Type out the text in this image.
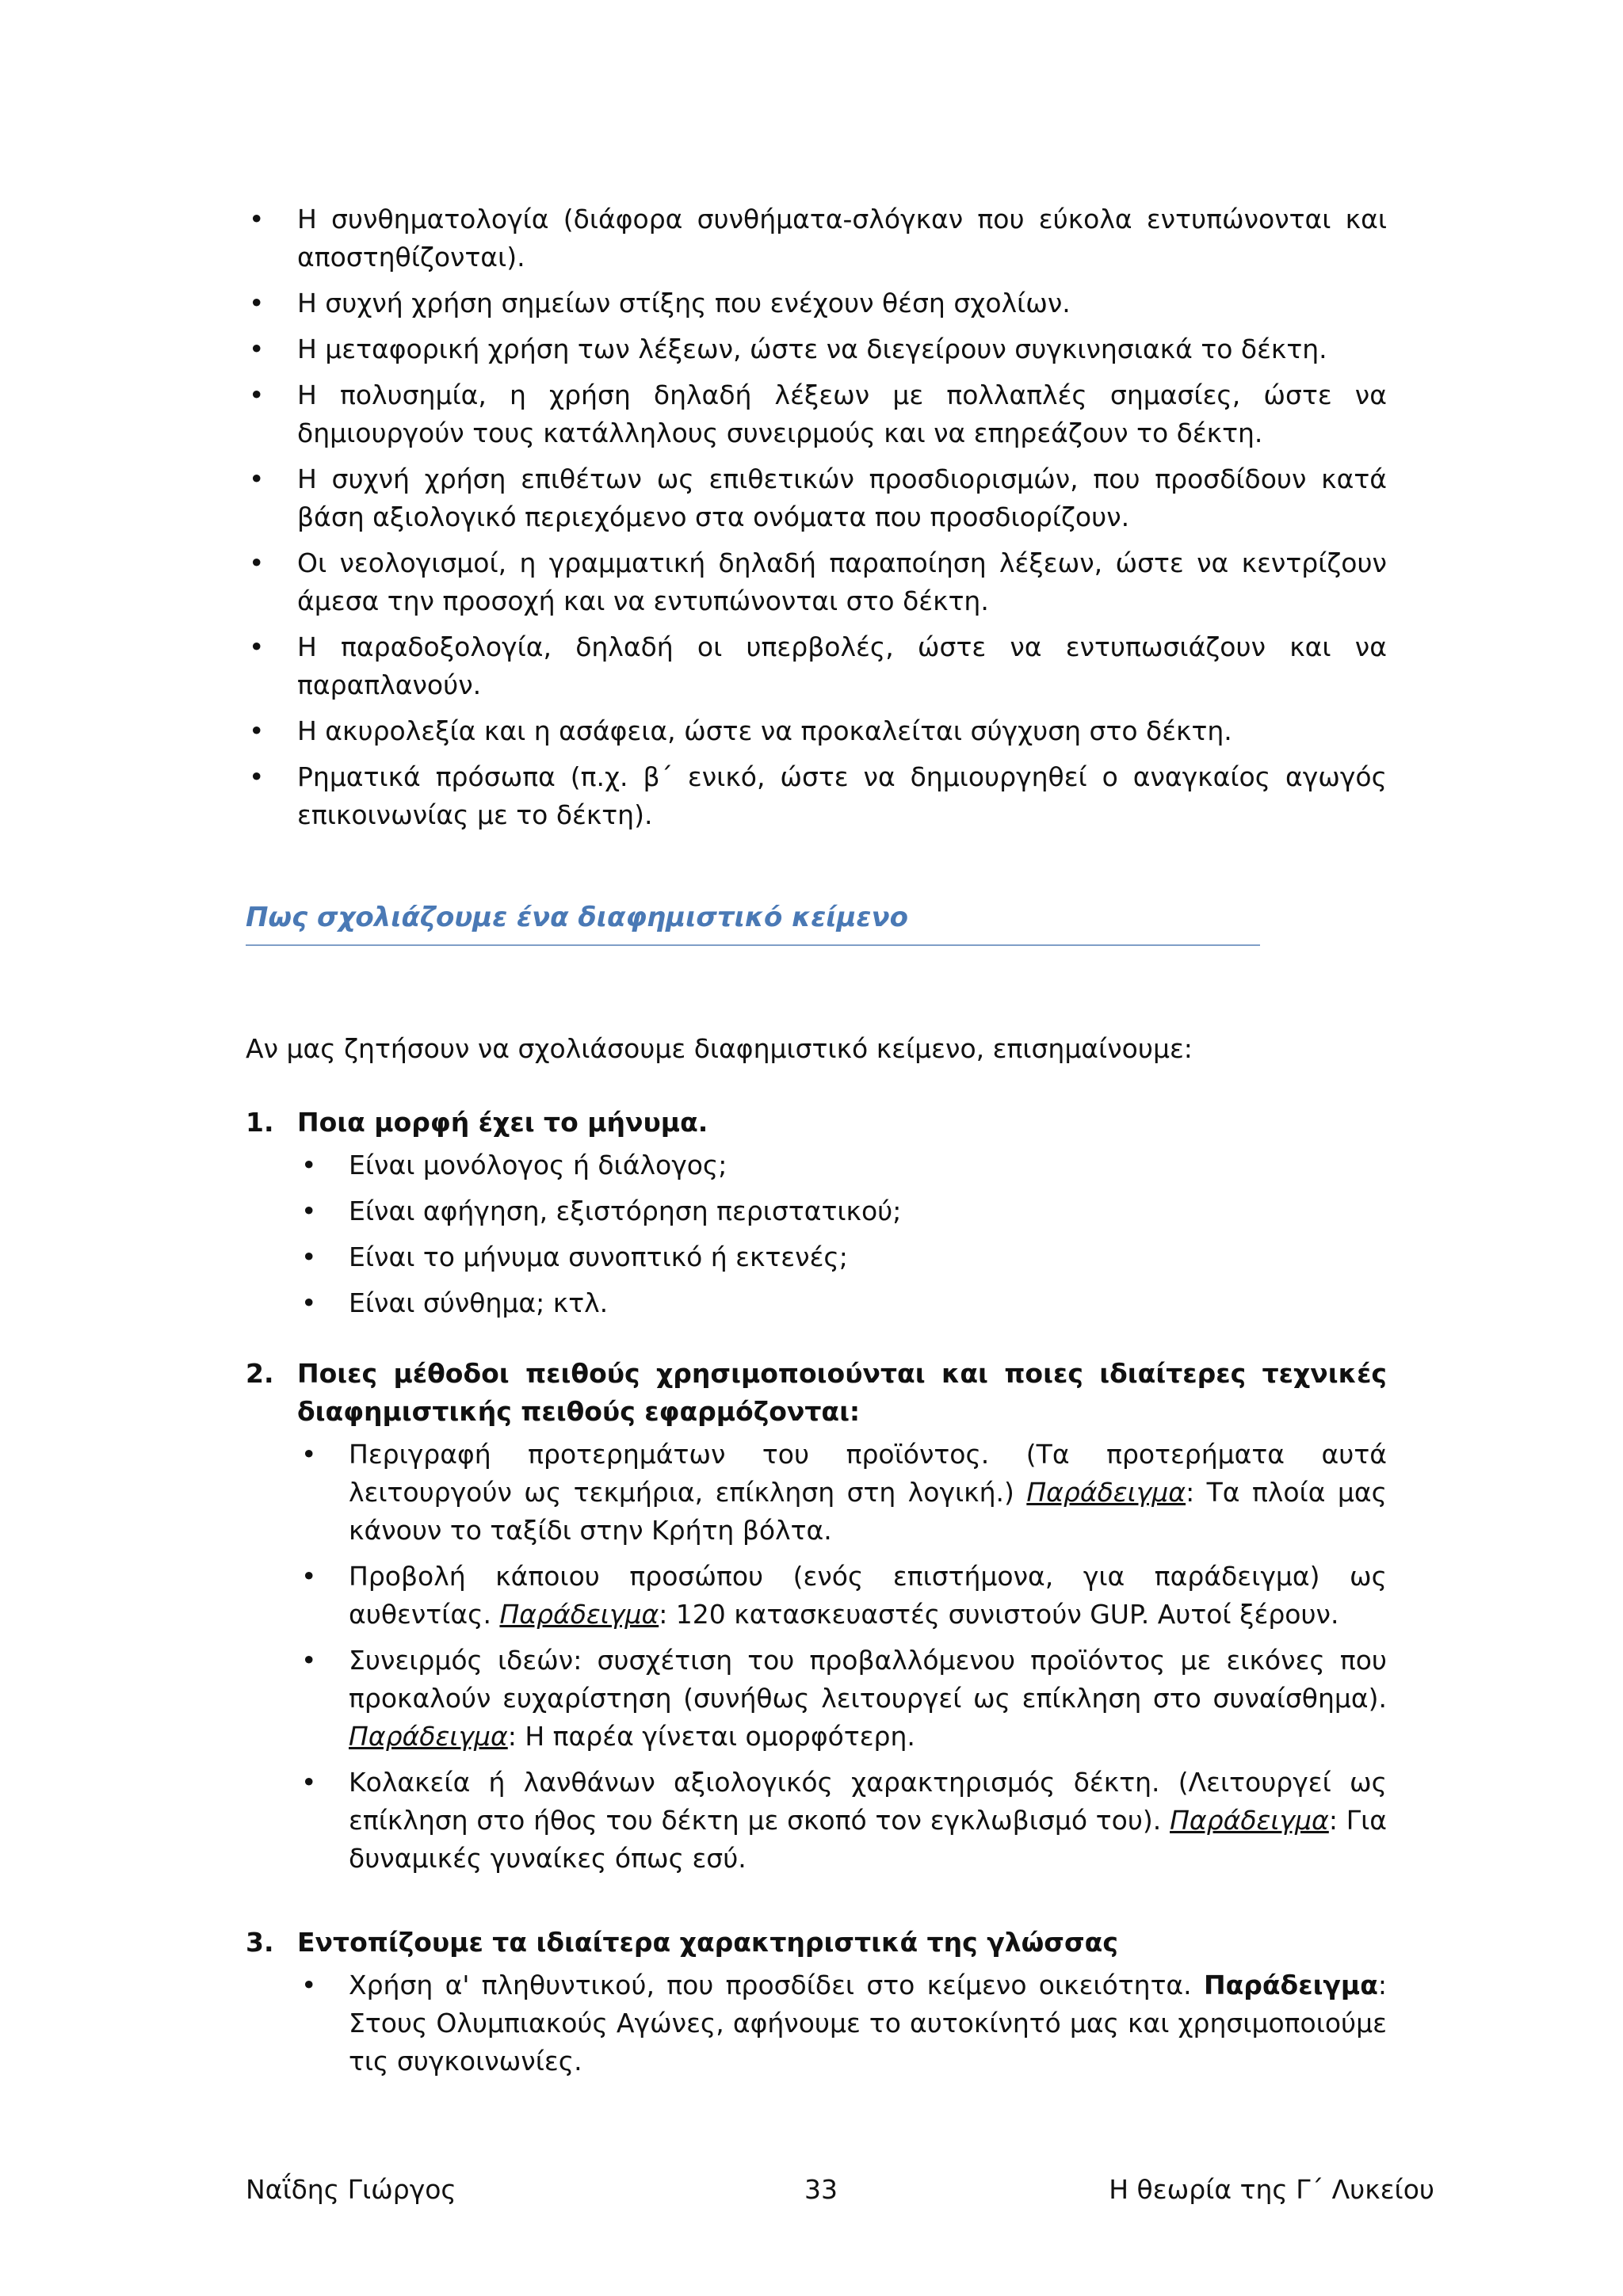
• Η συνθηματολογία (διάφορα συνθήματα-σλόγκαν που εύκολα εντυπώνονται και αποστηθίζονται).
• Η συχνή χρήση σημείων στίξης που ενέχουν θέση σχολίων.
• Η μεταφορική χρήση των λέξεων, ώστε να διεγείρουν συγκινησιακά το δέκτη.
• Η πολυσημία, η χρήση δηλαδή λέξεων με πολλαπλές σημασίες, ώστε να δημιουργούν τους κατάλληλους συνειρμούς και να επηρεάζουν το δέκτη.
• Η συχνή χρήση επιθέτων ως επιθετικών προσδιορισμών, που προσδίδουν κατά βάση αξιολογικό περιεχόμενο στα ονόματα που προσδιορίζουν.
• Οι νεολογισμοί, η γραμματική δηλαδή παραποίηση λέξεων, ώστε να κεντρίζουν άμεσα την προσοχή και να εντυπώνονται στο δέκτη.
• Η παραδοξολογία, δηλαδή οι υπερβολές, ώστε να εντυπωσιάζουν και να παραπλανούν.
• Η ακυρολεξία και η ασάφεια, ώστε να προκαλείται σύγχυση στο δέκτη.
• Ρηματικά πρόσωπα (π.χ. β΄ ενικό, ώστε να δημιουργηθεί ο αναγκαίος αγωγός επικοινωνίας με το δέκτη).
Πως σχολιάζουμε ένα διαφημιστικό κείμενο
Αν μας ζητήσουν να σχολιάσουμε διαφημιστικό κείμενο, επισημαίνουμε:
1. Ποια μορφή έχει το μήνυμα.
• Είναι μονόλογος ή διάλογος;
• Είναι αφήγηση, εξιστόρηση περιστατικού;
• Είναι το μήνυμα συνοπτικό ή εκτενές;
• Είναι σύνθημα; κτλ.
2. Ποιες μέθοδοι πειθούς χρησιμοποιούνται και ποιες ιδιαίτερες τεχνικές διαφημιστικής πειθούς εφαρμόζονται:
• Περιγραφή προτερημάτων του προϊόντος. (Τα προτερήματα αυτά λειτουργούν ως τεκμήρια, επίκληση στη λογική.) Παράδειγμα: Τα πλοία μας κάνουν το ταξίδι στην Κρήτη βόλτα.
• Προβολή κάποιου προσώπου (ενός επιστήμονα, για παράδειγμα) ως αυθεντίας. Παράδειγμα: 120 κατασκευαστές συνιστούν GUP. Αυτοί ξέρουν.
• Συνειρμός ιδεών: συσχέτιση του προβαλλόμενου προϊόντος με εικόνες που προκαλούν ευχαρίστηση (συνήθως λειτουργεί ως επίκληση στο συναίσθημα). Παράδειγμα: Η παρέα γίνεται ομορφότερη.
• Κολακεία ή λανθάνων αξιολογικός χαρακτηρισμός δέκτη. (Λειτουργεί ως επίκληση στο ήθος του δέκτη με σκοπό τον εγκλωβισμό του). Παράδειγμα: Για δυναμικές γυναίκες όπως εσύ.
3. Εντοπίζουμε τα ιδιαίτερα χαρακτηριστικά της γλώσσας
• Χρήση α' πληθυντικού, που προσδίδει στο κείμενο οικειότητα. Παράδειγμα: Στους Ολυμπιακούς Αγώνες, αφήνουμε το αυτοκίνητό μας και χρησιμοποιούμε τις συγκοινωνίες.
Ναΐδης Γιώργος	33	Η θεωρία της Γ΄ Λυκείου
